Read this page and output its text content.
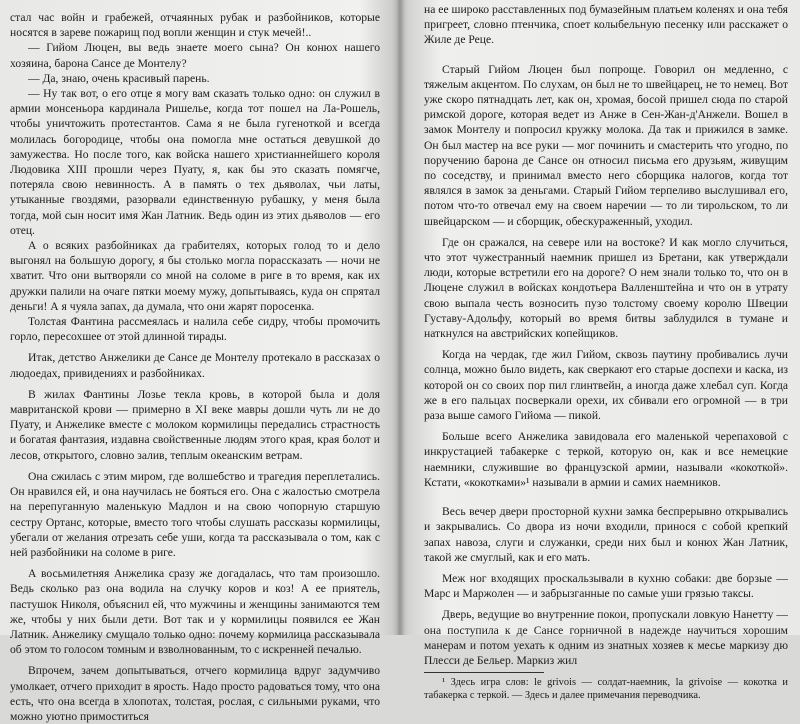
стал час войн и грабежей, отчаянных рубак и разбойников, которые носятся в зареве пожарищ под вопли женщин и стук мечей!..

— Гийом Люцен, вы ведь знаете моего сына? Он конюх нашего хозяина, барона Сансе де Монтелу?

— Да, знаю, очень красивый парень.

— Ну так вот, о его отце я могу вам сказать только одно: он служил в армии монсеньора кардинала Ришелье, когда тот пошел на Ла-Рошель, чтобы уничтожить протестантов. Сама я не была гугеноткой и всегда молилась богородице, чтобы она помогла мне остаться девушкой до замужества. Но после того, как войска нашего христианнейшего короля Людовика XIII прошли через Пуату, я, как бы это сказать помягче, потеряла свою невинность. А в память о тех дьяволах, чьи латы, утыканные гвоздями, разорвали единственную рубашку, у меня была тогда, мой сын носит имя Жан Латник. Ведь один из этих дьяволов — его отец.

А о всяких разбойниках да грабителях, которых голод то и дело выгонял на большую дорогу, я бы столько могла порассказать — ночи не хватит. Что они вытворяли со мной на соломе в риге в то время, как их дружки палили на очаге пятки моему мужу, допытываясь, куда он спрятал деньги! А я чуяла запах, да думала, что они жарят поросенка.

Толстая Фантина рассмеялась и налила себе сидру, чтобы промочить горло, пересохшее от этой длинной тирады.

Итак, детство Анжелики де Сансе де Монтелу протекало в рассказах о людоедах, привидениях и разбойниках.

В жилах Фантины Лозье текла кровь, в которой была и доля мавританской крови — примерно в XI веке мавры дошли чуть ли не до Пуату, и Анжелике вместе с молоком кормилицы передались страстность и богатая фантазия, издавна свойственные людям этого края, края болот и лесов, открытого, словно залив, теплым океанским ветрам.

Она сжилась с этим миром, где волшебство и трагедия переплетались. Он нравился ей, и она научилась не бояться его. Она с жалостью смотрела на перепуганную маленькую Мадлон и на свою чопорную старшую сестру Ортанс, которые, вместо того чтобы слушать рассказы кормилицы, убегали от желания отрезать себе уши, когда та рассказывала о том, как с ней разбойники на соломе в риге.

А восьмилетняя Анжелика сразу же догадалась, что там произошло. Ведь сколько раз она водила на случку коров и коз! А ее приятель, пастушок Николя, объяснил ей, что мужчины и женщины занимаются тем же, чтобы у них были дети. Вот так и у кормилицы появился ее Жан Латник. Анжелику смущало только одно: почему кормилица рассказывала об этом то голосом томным и взволнованным, то с искренней печалью.

Впрочем, зачем допытываться, отчего кормилица вдруг задумчиво умолкает, отчего приходит в ярость. Надо просто радоваться тому, что она есть, что она всегда в хлопотах, толстая, рослая, с сильными руками, что можно уютно примоститься

на ее широко расставленных под бумазейным платьем коленях и она тебя пригреет, словно птенчика, споет колыбельную песенку или расскажет о Жиле де Реце.

Старый Гийом Люцен был попроще. Говорил он медленно, с тяжелым акцентом. По слухам, он был не то швейцарец, не то немец. Вот уже скоро пятнадцать лет, как он, хромая, босой пришел сюда по старой римской дороге, которая ведет из Анже в Сен-Жан-д'Анжели. Вошел в замок Монтелу и попросил кружку молока. Да так и прижился в замке. Он был мастер на все руки — мог починить и смастерить что угодно, по поручению барона де Сансе он относил письма его друзьям, живущим по соседству, и принимал вместо него сборщика налогов, когда тот являлся в замок за деньгами. Старый Гийом терпеливо выслушивал его, потом что-то отвечал ему на своем наречии — то ли тирольском, то ли швейцарском — и сборщик, обескураженный, уходил.

Где он сражался, на севере или на востоке? И как могло случиться, что этот чужестранный наемник пришел из Бретани, как утверждали люди, которые встретили его на дороге? О нем знали только то, что он в Люцене служил в войсках кондотьера Валленштейна и что он в утрату свою выпала честь возносить пузо толстому своему королю Швеции Густаву-Адольфу, который во время битвы заблудился в тумане и наткнулся на австрийских копейщиков.

Когда на чердак, где жил Гийом, сквозь паутину пробивались лучи солнца, можно было видеть, как сверкают его старые доспехи и каска, из которой он со своих пор пил глинтвейн, а иногда даже хлебал суп. Когда же в его пальцах посверкали орехи, их сбивали его огромной — в три раза выше самого Гийома — пикой.

Больше всего Анжелика завидовала его маленькой черепаховой с инкрустацией табакерке с теркой, которую он, как и все немецкие наемники, служившие во французской армии, называли «кокоткой». Кстати, «кокотками»¹ называли в армии и самих наемников.

Весь вечер двери просторной кухни замка беспрерывно открывались и закрывались. Со двора из ночи входили, принося с собой крепкий запах навоза, слуги и служанки, среди них был и конюх Жан Латник, такой же смуглый, как и его мать.

Меж ног входящих проскальзывали в кухню собаки: две борзые — Марс и Маржолен — и забрызганные по самые уши грязью таксы.

Дверь, ведущие во внутренние покои, пропускали ловкую Нанетту — она поступила к де Сансе горничной в надежде научиться хорошим манерам и потом уехать к одним из знатных хозяев к месье маркизу дю Плесси де Бельер. Маркиз жил

¹ Здесь игра слов: le grivois — солдат-наемник, la grivoise — кокотка и табакерка с теркой. — Здесь и далее примечания переводчика.
